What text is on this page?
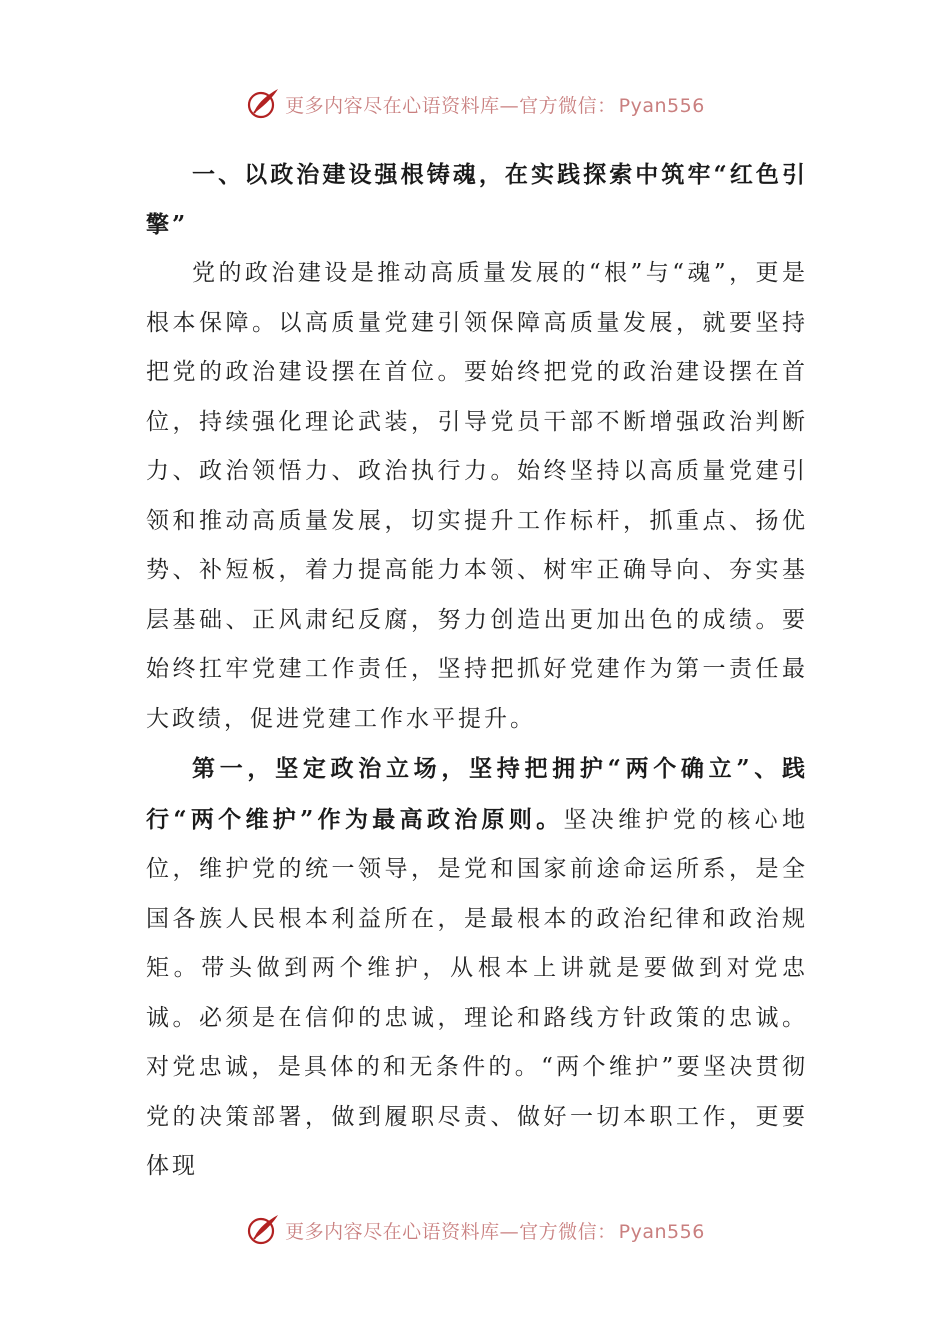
更多内容尽在心语资料库—官方微信： Pyan556

一、以政治建设强根铸魂，在实践探索中筑牢“红色引擎”

党的政治建设是推动高质量发展的“根”与“魂”，更是根本保障。以高质量党建引领保障高质量发展，就要坚持把党的政治建设摆在首位。要始终把党的政治建设摆在首位，持续强化理论武装，引导党员干部不断增强政治判断力、政治领悟力、政治执行力。始终坚持以高质量党建引领和推动高质量发展，切实提升工作标杆，抓重点、扬优势、补短板，着力提高能力本领、树牢正确导向、夯实基层基础、正风肃纪反腐，努力创造出更加出色的成绩。要始终扛牢党建工作责任，坚持把抓好党建作为第一责任最大政绩，促进党建工作水平提升。

第一，坚定政治立场，坚持把拥护“两个确立”、践行“两个维护”作为最高政治原则。坚决维护党的核心地位，维护党的统一领导，是党和国家前途命运所系，是全国各族人民根本利益所在，是最根本的政治纪律和政治规矩。带头做到两个维护，从根本上讲就是要做到对党忠诚。必须是在信仰的忠诚，理论和路线方针政策的忠诚。对党忠诚，是具体的和无条件的。“两个维护”要坚决贯彻党的决策部署，做到履职尽责、做好一切本职工作，更要体现

更多内容尽在心语资料库—官方微信： Pyan556
